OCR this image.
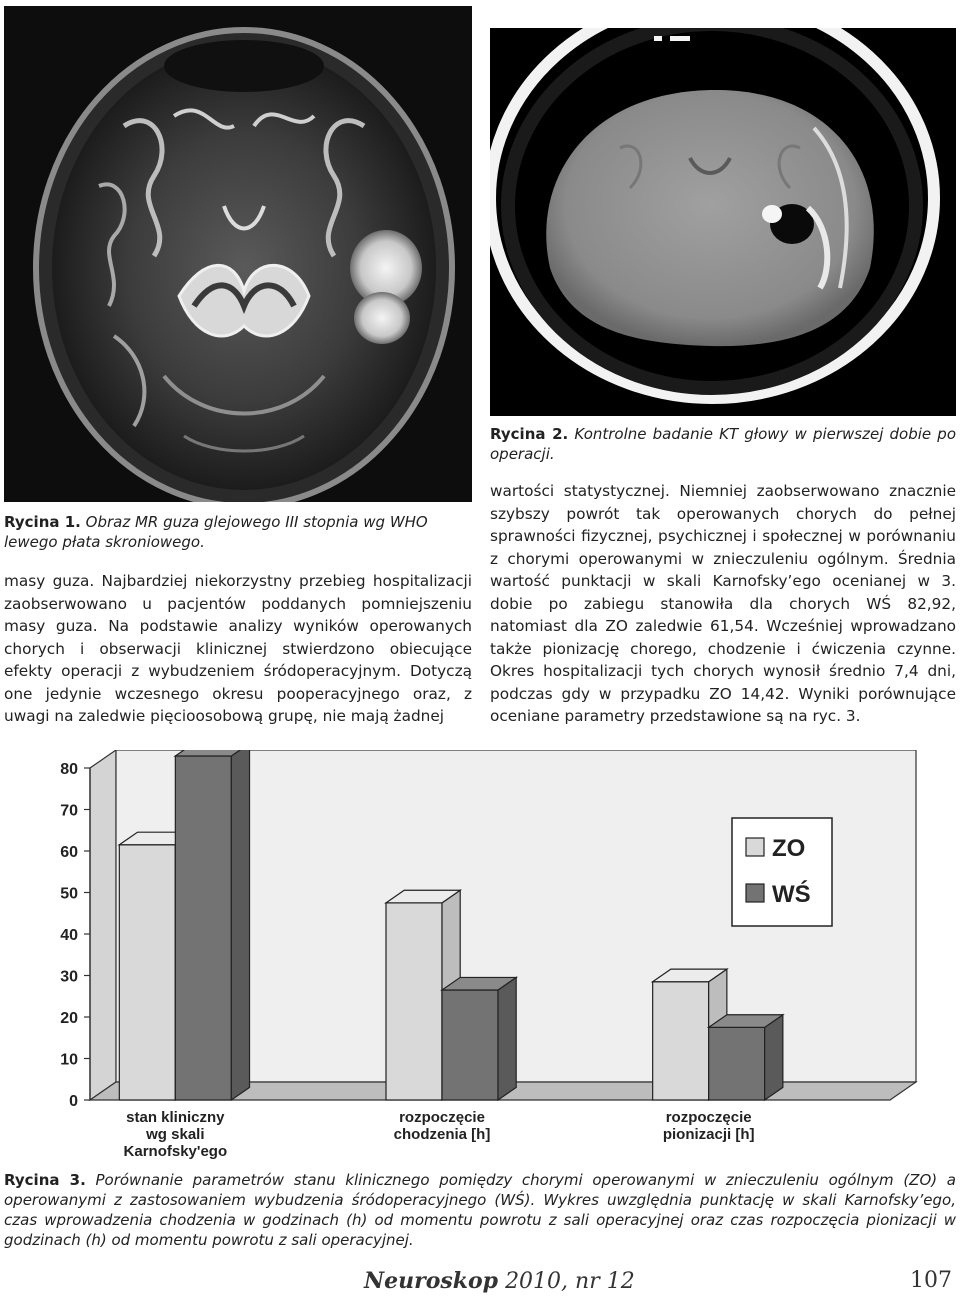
Rycina 2. Kontrolne badanie KT głowy w pierwszej dobie po operacji.
Rycina 1. Obraz MR guza glejowego III stopnia wg WHO lewego płata skroniowego.

masy guza. Najbardziej niekorzystny przebieg hospitalizacji zaobserwowano u pacjentów poddanych pomniejszeniu masy guza. Na podstawie analizy wyników operowanych chorych i obserwacji klinicznej stwierdzono obiecujące efekty operacji z wybudzeniem śródoperacyjnym. Dotyczą one jedynie wczesnego okresu pooperacyjnego oraz, z uwagi na zaledwie pięcioosobową grupę, nie mają żadnej

wartości statystycznej. Niemniej zaobserwowano znacznie szybszy powrót tak operowanych chorych do pełnej sprawności fizycznej, psychicznej i społecznej w porównaniu z chorymi operowanymi w znieczuleniu ogólnym. Średnia wartość punktacji w skali Karnofsky’ego ocenianej w 3. dobie po zabiegu stanowiła dla chorych WŚ 82,92, natomiast dla ZO zaledwie 61,54. Wcześniej wprowadzano także pionizację chorego, chodzenie i ćwiczenia czynne. Okres hospitalizacji tych chorych wynosił średnio 7,4 dni, podczas gdy w przypadku ZO 14,42. Wyniki porównujące oceniane parametry przedstawione są na ryc. 3.

0
10
20
30
40
50
60
70
80
stan kliniczny
wg skali
Karnofsky'ego
rozpoczęcie
chodzenia [h]
rozpoczęcie
pionizacji [h]
ZO
WŚ
Rycina 3. Porównanie parametrów stanu klinicznego pomiędzy chorymi operowanymi w znieczuleniu ogólnym (ZO) a operowanymi z zastosowaniem wybudzenia śródoperacyjnego (WŚ). Wykres uwzględnia punktację w skali Karnofsky’ego, czas wprowadzenia chodzenia w godzinach (h) od momentu powrotu z sali operacyjnej oraz czas rozpoczęcia pionizacji w godzinach (h) od momentu powrotu z sali operacyjnej.
Neuroskop 2010, nr 12	107
